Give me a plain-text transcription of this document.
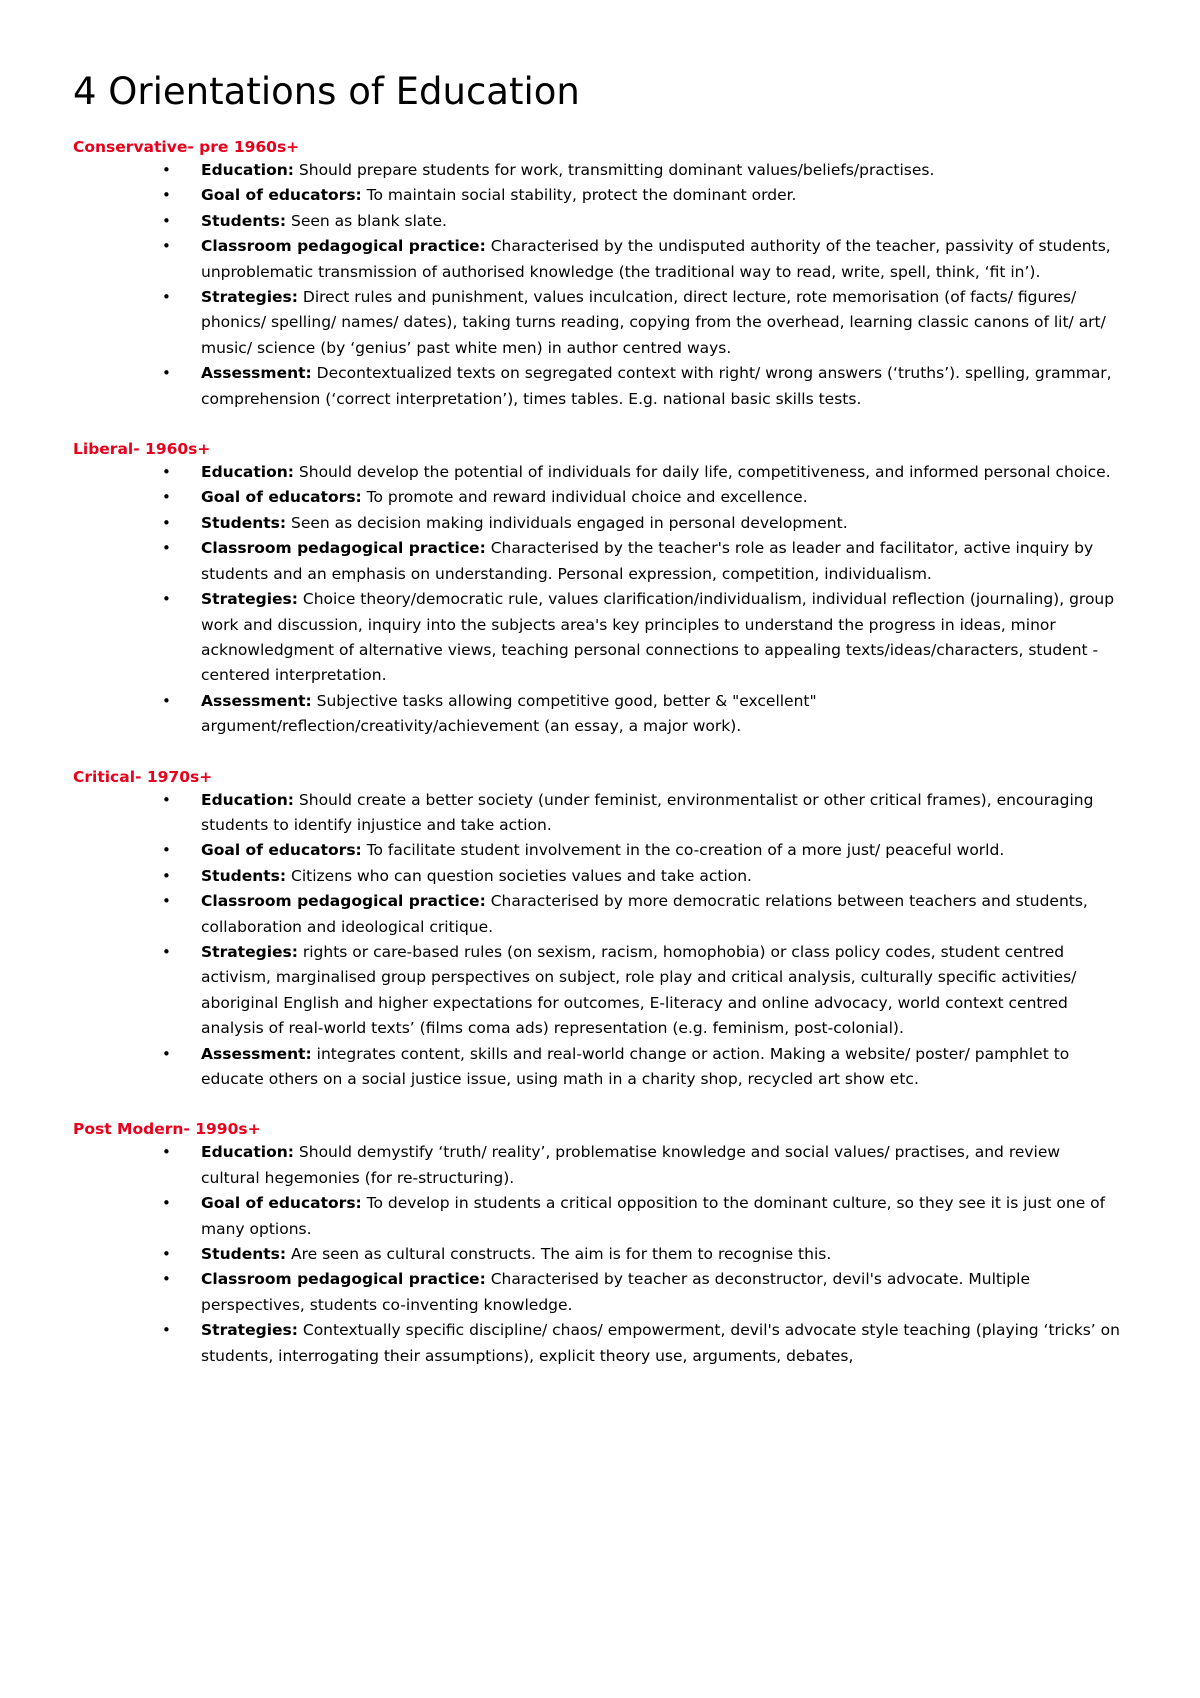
4 Orientations of Education
Conservative- pre 1960s+
• Education: Should prepare students for work, transmitting dominant values/beliefs/practises.
• Goal of educators: To maintain social stability, protect the dominant order.
• Students: Seen as blank slate.
• Classroom pedagogical practice: Characterised by the undisputed authority of the teacher, passivity of students, unproblematic transmission of authorised knowledge (the traditional way to read, write, spell, think, ‘fit in’).
• Strategies: Direct rules and punishment, values inculcation, direct lecture, rote memorisation (of facts/ figures/ phonics/ spelling/ names/ dates), taking turns reading, copying from the overhead, learning classic canons of lit/ art/ music/ science (by ‘genius’ past white men) in author centred ways.
• Assessment: Decontextualized texts on segregated context with right/ wrong answers (‘truths’). spelling, grammar, comprehension (‘correct interpretation’), times tables. E.g. national basic skills tests.
Liberal- 1960s+
• Education: Should develop the potential of individuals for daily life, competitiveness, and informed personal choice.
• Goal of educators: To promote and reward individual choice and excellence.
• Students: Seen as decision making individuals engaged in personal development.
• Classroom pedagogical practice: Characterised by the teacher's role as leader and facilitator, active inquiry by students and an emphasis on understanding. Personal expression, competition, individualism.
• Strategies: Choice theory/democratic rule, values clarification/individualism, individual reflection (journaling), group work and discussion, inquiry into the subjects area's key principles to understand the progress in ideas, minor acknowledgment of alternative views, teaching personal connections to appealing texts/ideas/characters, student - centered interpretation.
• Assessment: Subjective tasks allowing competitive good, better & "excellent" argument/reflection/creativity/achievement (an essay, a major work).
Critical- 1970s+
• Education: Should create a better society (under feminist, environmentalist or other critical frames), encouraging students to identify injustice and take action.
• Goal of educators: To facilitate student involvement in the co-creation of a more just/ peaceful world.
• Students: Citizens who can question societies values and take action.
• Classroom pedagogical practice: Characterised by more democratic relations between teachers and students, collaboration and ideological critique.
• Strategies: rights or care-based rules (on sexism, racism, homophobia) or class policy codes, student centred activism, marginalised group perspectives on subject, role play and critical analysis, culturally specific activities/ aboriginal English and higher expectations for outcomes, E-literacy and online advocacy, world context centred analysis of real-world texts’ (films coma ads) representation (e.g. feminism, post-colonial).
• Assessment: integrates content, skills and real-world change or action. Making a website/ poster/ pamphlet to educate others on a social justice issue, using math in a charity shop, recycled art show etc.
Post Modern- 1990s+
• Education: Should demystify ‘truth/ reality’, problematise knowledge and social values/ practises, and review cultural hegemonies (for re-structuring).
• Goal of educators: To develop in students a critical opposition to the dominant culture, so they see it is just one of many options.
• Students: Are seen as cultural constructs. The aim is for them to recognise this.
• Classroom pedagogical practice: Characterised by teacher as deconstructor, devil's advocate. Multiple perspectives, students co-inventing knowledge.
• Strategies: Contextually specific discipline/ chaos/ empowerment, devil's advocate style teaching (playing ‘tricks’ on students, interrogating their assumptions), explicit theory use, arguments, debates,
